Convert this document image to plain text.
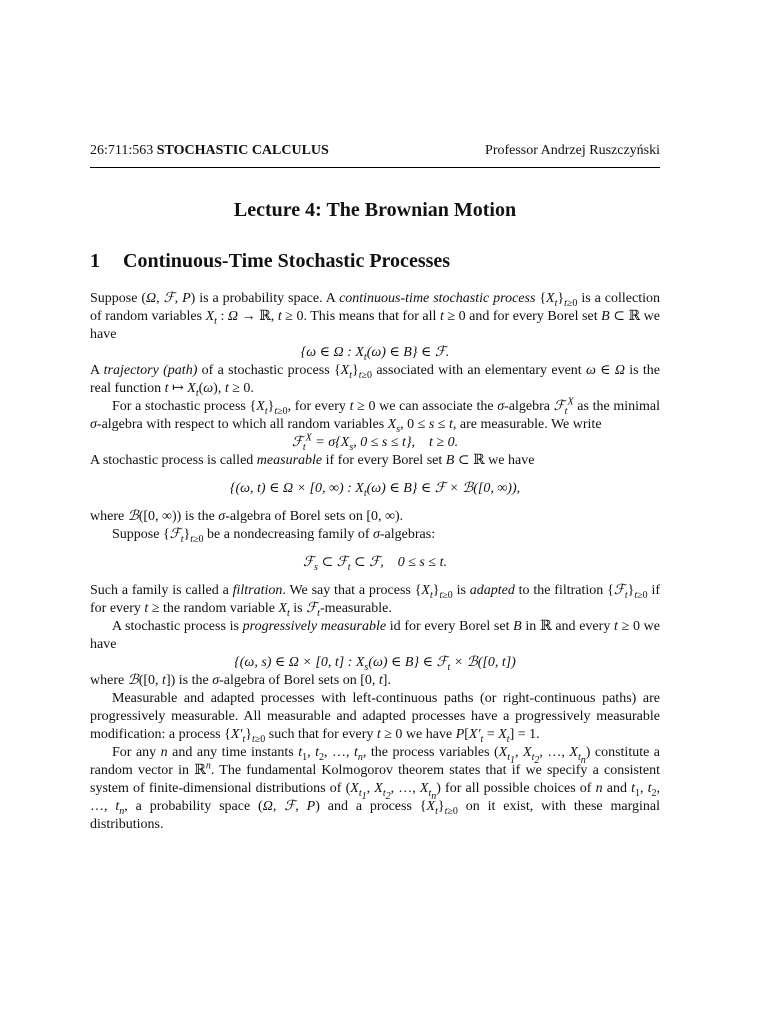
26:711:563 STOCHASTIC CALCULUS	Professor Andrzej Ruszczyński
Lecture 4: The Brownian Motion
1 Continuous-Time Stochastic Processes

Suppose (Ω, ℱ, P) is a probability space. A continuous-time stochastic process $\{X_t\}_{t\ge 0}$ is a collection of random variables $X_t$ : Ω → ℝ, t ≥ 0. This means that for all t ≥ 0 and for every Borel set B ⊂ ℝ we have

{ω ∈ Ω : $X_t(\omega)$ ∈ B} ∈ ℱ.

A trajectory (path) of a stochastic process $\{X_t\}_{t\ge 0}$ associated with an elementary event ω ∈ Ω is the real function t ↦ $X_t(\omega)$, t ≥ 0.

For a stochastic process $\{X_t\}_{t\ge 0}$, for every t ≥ 0 we can associate the σ-algebra ℱ$_t^X$ as the minimal σ-algebra with respect to which all random variables $X_s$, 0 ≤ s ≤ t, are measurable. We write

ℱ$_t^X$ = $\sigma\{X_s$, 0 ≤ s ≤ t},    t ≥ 0.

A stochastic process is called measurable if for every Borel set B ⊂ ℝ we have

{(ω, t) ∈ Ω × [0, ∞) : $X_t(\omega)$ ∈ B} ∈ ℱ × ℬ([0, ∞)),

where ℬ([0, ∞)) is the σ-algebra of Borel sets on [0, ∞).

Suppose $\{ℱ_t\}_{t\ge 0}$ be a nondecreasing family of σ-algebras:

ℱ$_s$ ⊂ ℱ$_t$ ⊂ ℱ,    0 ≤ s ≤ t.

Such a family is called a filtration. We say that a process $\{X_t\}_{t\ge 0}$ is adapted to the filtration $\{ℱ_t\}_{t\ge 0}$ if for every t ≥ the random variable $X_t$ is ℱ$_t$-measurable.

A stochastic process is progressively measurable id for every Borel set B in ℝ and every t ≥ 0 we have

{(ω, s) ∈ Ω × [0, t] : $X_s(\omega)$ ∈ B} ∈ ℱ$_t$ × ℬ([0, t])

where ℬ([0, t]) is the σ-algebra of Borel sets on [0, t].

Measurable and adapted processes with left-continuous paths (or right-continuous paths) are progressively measurable. All measurable and adapted processes have a progressively measurable modification: a process $\{X'_t\}_{t\ge 0}$ such that for every t ≥ 0 we have $P[X'_t = X_t] = 1$.

For any n and any time instants $t_1$, $t_2$, …, $t_n$, the process variables ($X_{t_1}$, $X_{t_2}$, …, $X_{t_n}$) constitute a random vector in ℝ$^n$. The fundamental Kolmogorov theorem states that if we specify a consistent system of finite-dimensional distributions of ($X_{t_1}$, $X_{t_2}$, …, $X_{t_n}$) for all possible choices of n and $t_1$, $t_2$, …, $t_n$, a probability space (Ω, ℱ, P) and a process $\{X_t\}_{t\ge 0}$ on it exist, with these marginal distributions.
